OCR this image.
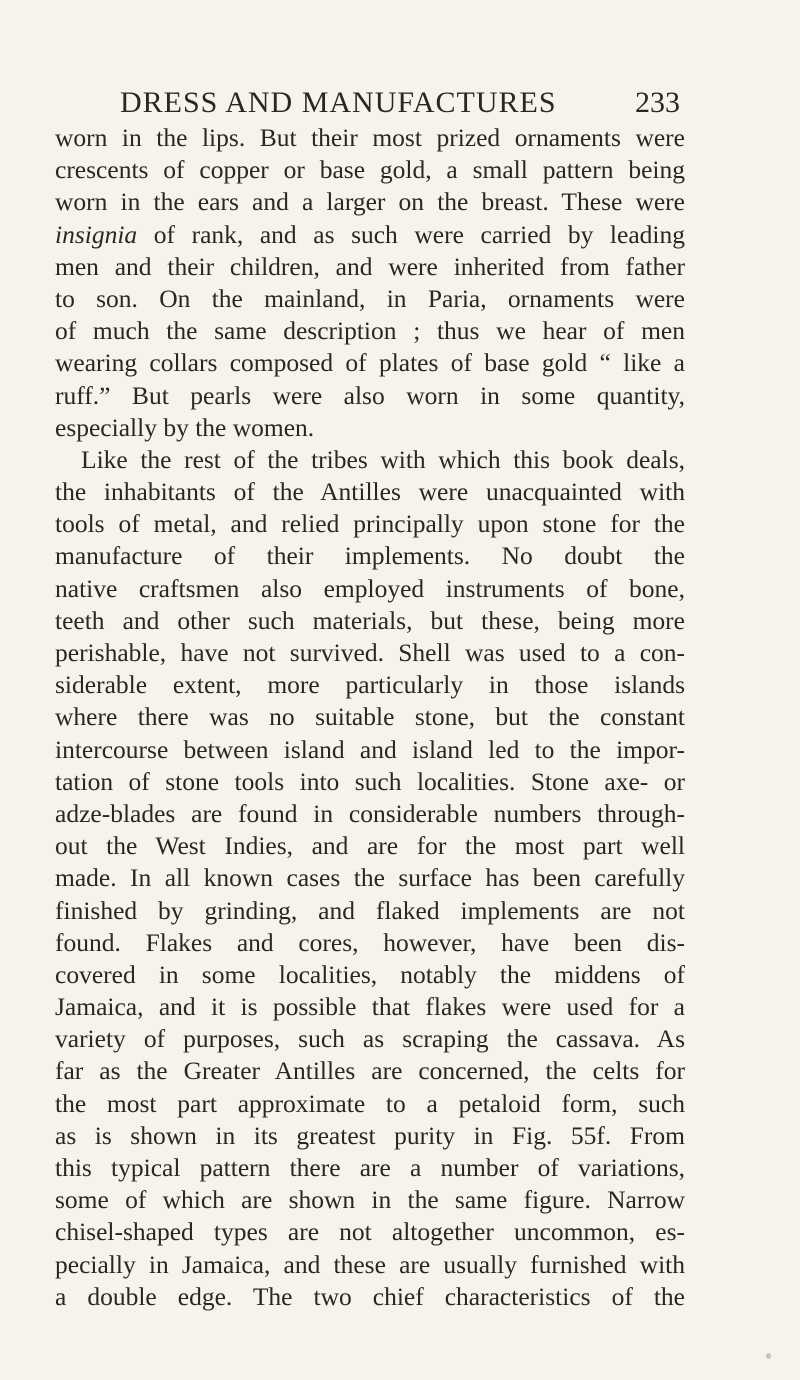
DRESS AND MANUFACTURES	233
worn in the lips. But their most prized ornaments were
crescents of copper or base gold, a small pattern being
worn in the ears and a larger on the breast. These were
insignia of rank, and as such were carried by leading
men and their children, and were inherited from father
to son. On the mainland, in Paria, ornaments were
of much the same description ; thus we hear of men
wearing collars composed of plates of base gold “ like a
ruff.” But pearls were also worn in some quantity,
especially by the women.
Like the rest of the tribes with which this book deals,
the inhabitants of the Antilles were unacquainted with
tools of metal, and relied principally upon stone for the
manufacture of their implements. No doubt the
native craftsmen also employed instruments of bone,
teeth and other such materials, but these, being more
perishable, have not survived. Shell was used to a con-
siderable extent, more particularly in those islands
where there was no suitable stone, but the constant
intercourse between island and island led to the impor-
tation of stone tools into such localities. Stone axe- or
adze-blades are found in considerable numbers through-
out the West Indies, and are for the most part well
made. In all known cases the surface has been carefully
finished by grinding, and flaked implements are not
found. Flakes and cores, however, have been dis-
covered in some localities, notably the middens of
Jamaica, and it is possible that flakes were used for a
variety of purposes, such as scraping the cassava. As
far as the Greater Antilles are concerned, the celts for
the most part approximate to a petaloid form, such
as is shown in its greatest purity in Fig. 55f. From
this typical pattern there are a number of variations,
some of which are shown in the same figure. Narrow
chisel-shaped types are not altogether uncommon, es-
pecially in Jamaica, and these are usually furnished with
a double edge. The two chief characteristics of the
